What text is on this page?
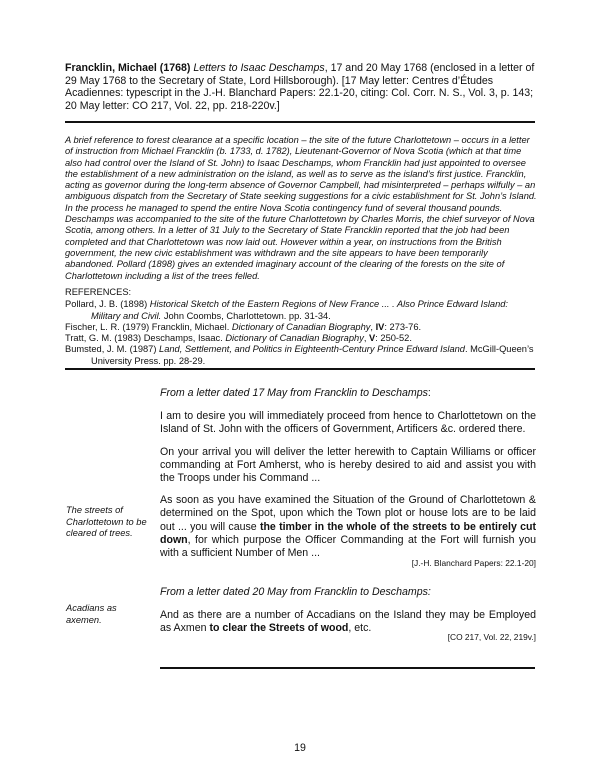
Francklin, Michael (1768) Letters to Isaac Deschamps, 17 and 20 May 1768 (enclosed in a letter of 29 May 1768 to the Secretary of State, Lord Hillsborough). [17 May letter: Centres d’Études Acadiennes: typescript in the J.-H. Blanchard Papers: 22.1-20, citing: Col. Corr. N. S., Vol. 3, p. 143; 20 May letter: CO 217, Vol. 22, pp. 218-220v.]
A brief reference to forest clearance at a specific location – the site of the future Charlottetown – occurs in a letter of instruction from Michael Francklin (b. 1733, d. 1782), Lieutenant-Governor of Nova Scotia (which at that time also had control over the Island of St. John) to Isaac Deschamps, whom Francklin had just appointed to oversee the establishment of a new administration on the island, as well as to serve as the island’s first justice. Francklin, acting as governor during the long-term absence of Governor Campbell, had misinterpreted – perhaps wilfully – an ambiguous dispatch from the Secretary of State seeking suggestions for a civic establishment for St. John’s Island. In the process he managed to spend the entire Nova Scotia contingency fund of several thousand pounds. Deschamps was accompanied to the site of the future Charlottetown by Charles Morris, the chief surveyor of Nova Scotia, among others. In a letter of 31 July to the Secretary of State Francklin reported that the job had been completed and that Charlottetown was now laid out. However within a year, on instructions from the British government, the new civic establishment was withdrawn and the site appears to have been temporarily abandoned. Pollard (1898) gives an extended imaginary account of the clearing of the forests on the site of Charlottetown including a list of the trees felled.
REFERENCES:
Pollard, J. B. (1898) Historical Sketch of the Eastern Regions of New France ... . Also Prince Edward Island: Military and Civil. John Coombs, Charlottetown. pp. 31-34.
Fischer, L. R. (1979) Francklin, Michael. Dictionary of Canadian Biography, IV: 273-76.
Tratt, G. M. (1983) Deschamps, Isaac. Dictionary of Canadian Biography, V: 250-52.
Bumsted, J. M. (1987) Land, Settlement, and Politics in Eighteenth-Century Prince Edward Island. McGill-Queen’s University Press. pp. 28-29.

From a letter dated 17 May from Francklin to Deschamps:

I am to desire you will immediately proceed from hence to Charlottetown on the Island of St. John with the officers of Government, Artificers &c. ordered there.

On your arrival you will deliver the letter herewith to Captain Williams or officer commanding at Fort Amherst, who is hereby desired to aid and assist you with the Troops under his Command ...

As soon as you have examined the Situation of the Ground of Charlottetown & determined on the Spot, upon which the Town plot or house lots are to be laid out ... you will cause the timber in the whole of the streets to be entirely cut down, for which purpose the Officer Commanding at the Fort will furnish you with a sufficient Number of Men ...

[J.-H. Blanchard Papers: 22.1-20]
The streets of Charlottetown to be cleared of trees.

From a letter dated 20 May from Francklin to Deschamps:

And as there are a number of Accadians on the Island they may be Employed as Axmen to clear the Streets of wood, etc.

[CO 217, Vol. 22, 219v.]
Acadians as axemen.
19
